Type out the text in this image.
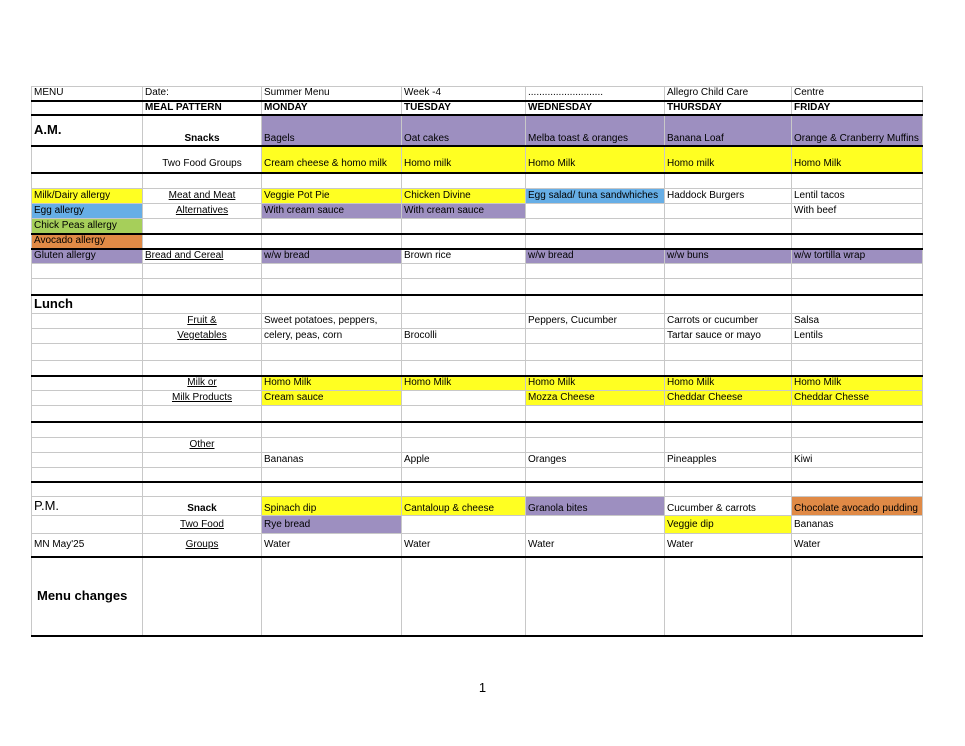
MENU	Date:	Summer Menu	Week -4	...........................	Allegro Child Care	Centre
	MEAL PATTERN	MONDAY	TUESDAY	WEDNESDAY	THURSDAY	FRIDAY
A.M.	Snacks	Bagels	Oat cakes	Melba toast & oranges	Banana Loaf	Orange & Cranberry Muffins
	Two Food Groups	Cream cheese & homo milk	Homo milk	Homo Milk	Homo milk	Homo Milk

Milk/Dairy allergy	Meat and Meat	Veggie Pot Pie	Chicken Divine	Egg salad/ tuna sandwhiches	Haddock Burgers	Lentil tacos
Egg allergy	Alternatives	With cream sauce	With cream sauce			With beef
Chick Peas allergy						
Avocado allergy						
Gluten allergy	Bread and Cereal	w/w bread	Brown rice	w/w bread	w/w buns	w/w tortilla wrap

Lunch						
	Fruit &	Sweet potatoes, peppers,		Peppers, Cucumber	Carrots or cucumber	Salsa
	Vegetables	celery, peas, corn	Brocolli		Tartar sauce or mayo	Lentils

	Milk or	Homo Milk	Homo Milk	Homo Milk	Homo Milk	Homo Milk
	Milk Products	Cream sauce		Mozza Cheese	Cheddar Cheese	Cheddar Chesse

	Other					
		Bananas	Apple	Oranges	Pineapples	Kiwi

P.M.	Snack	Spinach dip	Cantaloup & cheese	Granola bites	Cucumber & carrots	Chocolate avocado pudding
	Two Food	Rye bread			Veggie dip	Bananas
MN May'25	Groups	Water	Water	Water	Water	Water
Menu changes						
1
